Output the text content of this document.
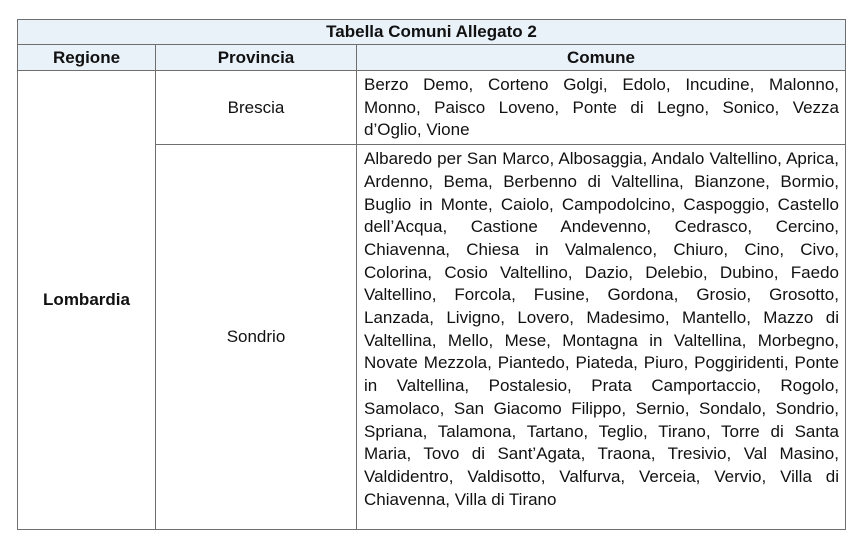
Tabella Comuni Allegato 2		
Regione	Provincia	Comune
Lombardia	Brescia	Berzo Demo, Corteno Golgi, Edolo, Incudine, Malonno, Monno, Paisco Loveno, Ponte di Legno, Sonico, Vezza d’Oglio, Vione
	Sondrio	Albaredo per San Marco, Albosaggia, Andalo Valtellino, Aprica, Ardenno, Bema, Berbenno di Valtellina, Bianzone, Bormio, Buglio in Monte, Caiolo, Campodolcino, Caspoggio, Castello dell’Acqua, Castione Andevenno, Cedrasco, Cercino, Chiavenna, Chiesa in Valmalenco, Chiuro, Cino, Civo, Colorina, Cosio Valtellino, Dazio, Delebio, Dubino, Faedo Valtellino, Forcola, Fusine, Gordona, Grosio, Grosotto, Lanzada, Livigno, Lovero, Madesimo, Mantello, Mazzo di Valtellina, Mello, Mese, Montagna in Valtellina, Morbegno, Novate Mezzola, Piantedo, Piateda, Piuro, Poggiridenti, Ponte in Valtellina, Postalesio, Prata Camportaccio, Rogolo, Samolaco, San Giacomo Filippo, Sernio, Sondalo, Sondrio, Spriana, Talamona, Tartano, Teglio, Tirano, Torre di Santa Maria, Tovo di Sant’Agata, Traona, Tresivio, Val Masino, Valdidentro, Valdisotto, Valfurva, Verceia, Vervio, Villa di Chiavenna, Villa di Tirano
